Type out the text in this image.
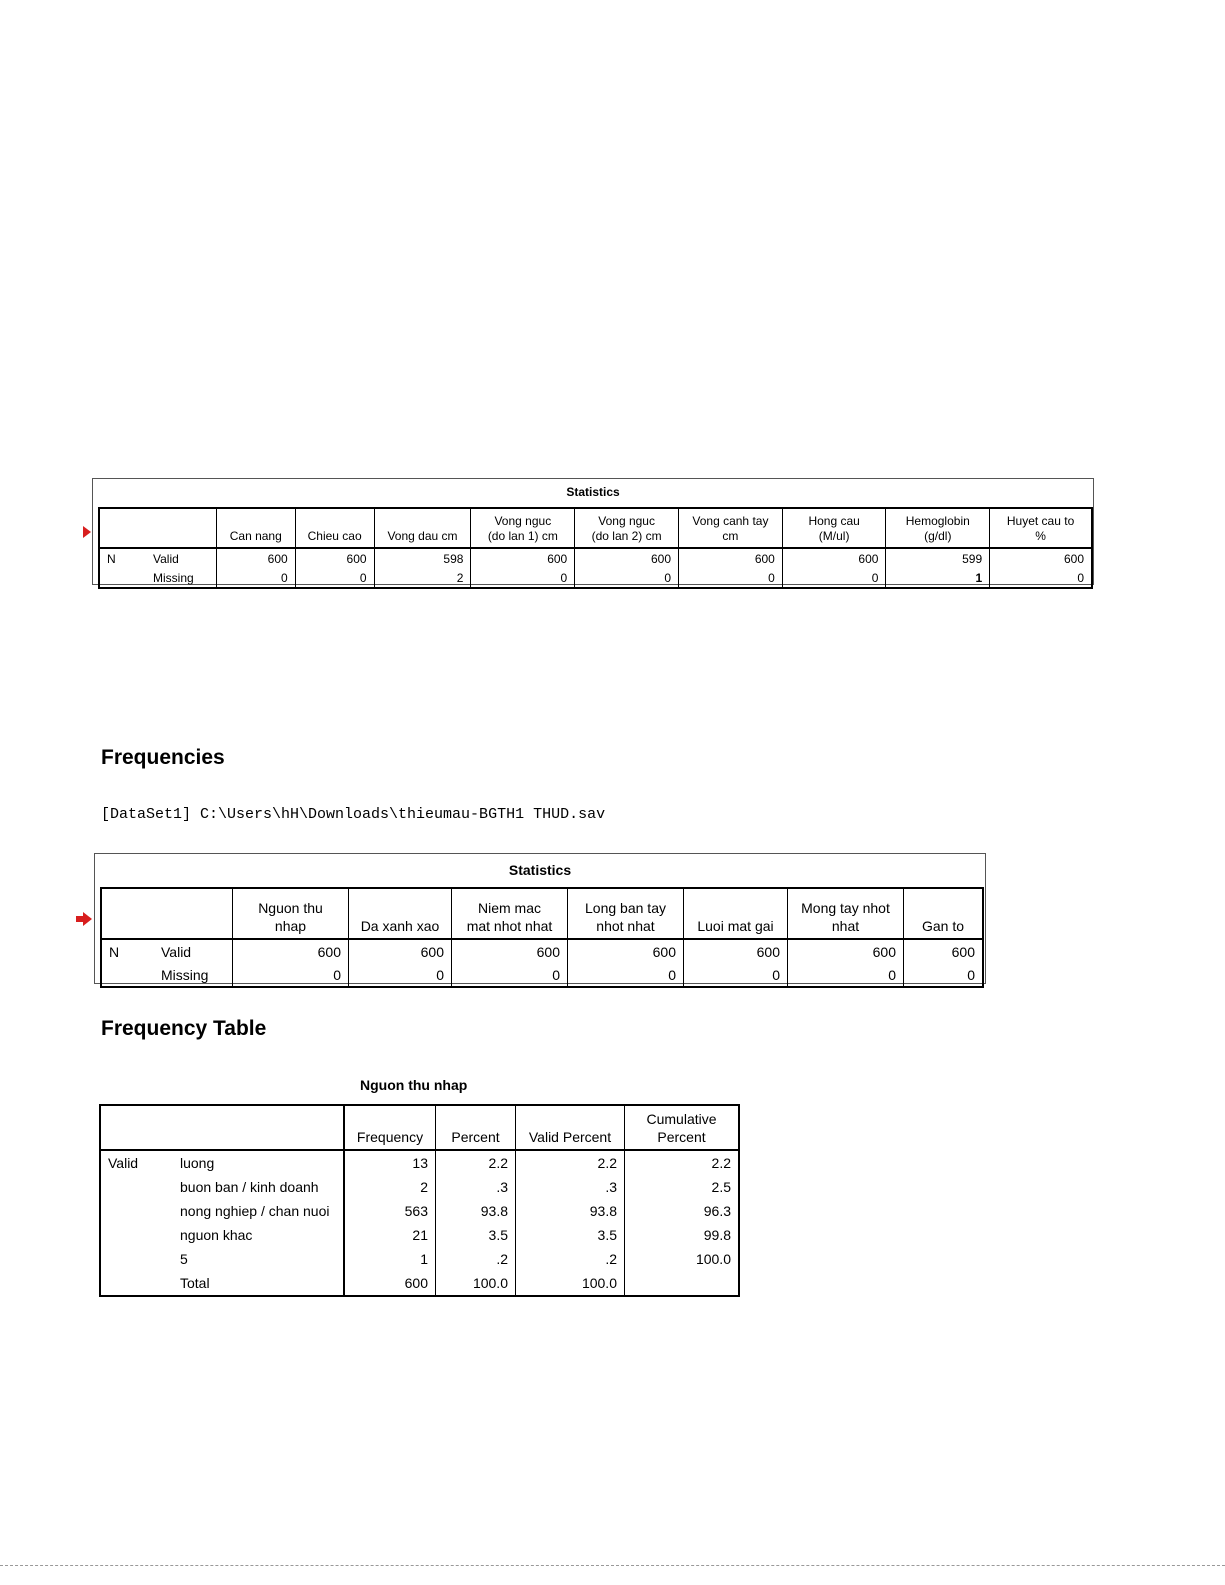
Statistics
	Can nang	Chieu cao	Vong dau cm	Vong nguc
(do lan 1) cm	Vong nguc
(do lan 2) cm	Vong canh tay
cm	Hong cau
(M/ul)	Hemoglobin
(g/dl)	Huyet cau to
%
N Valid	600	600	598	600	600	600	600	599	600
Missing	0	0	2	0	0	0	0	1	0
Frequencies
[DataSet1] C:\Users\hH\Downloads\thieumau-BGTH1 THUD.sav
Statistics
	Nguon thu
nhap	Da xanh xao	Niem mac
mat nhot nhat	Long ban tay
nhot nhat	Luoi mat gai	Mong tay nhot
nhat	Gan to
N Valid	600	600	600	600	600	600	600
Missing	0	0	0	0	0	0	0
Frequency Table
Nguon thu nhap
		Frequency	Percent	Valid Percent	Cumulative
Percent
Valid	luong	13	2.2	2.2	2.2
	buon ban / kinh doanh	2	.3	.3	2.5
	nong nghiep / chan nuoi	563	93.8	93.8	96.3
	nguon khac	21	3.5	3.5	99.8
	5	1	.2	.2	100.0
	Total	600	100.0	100.0	
